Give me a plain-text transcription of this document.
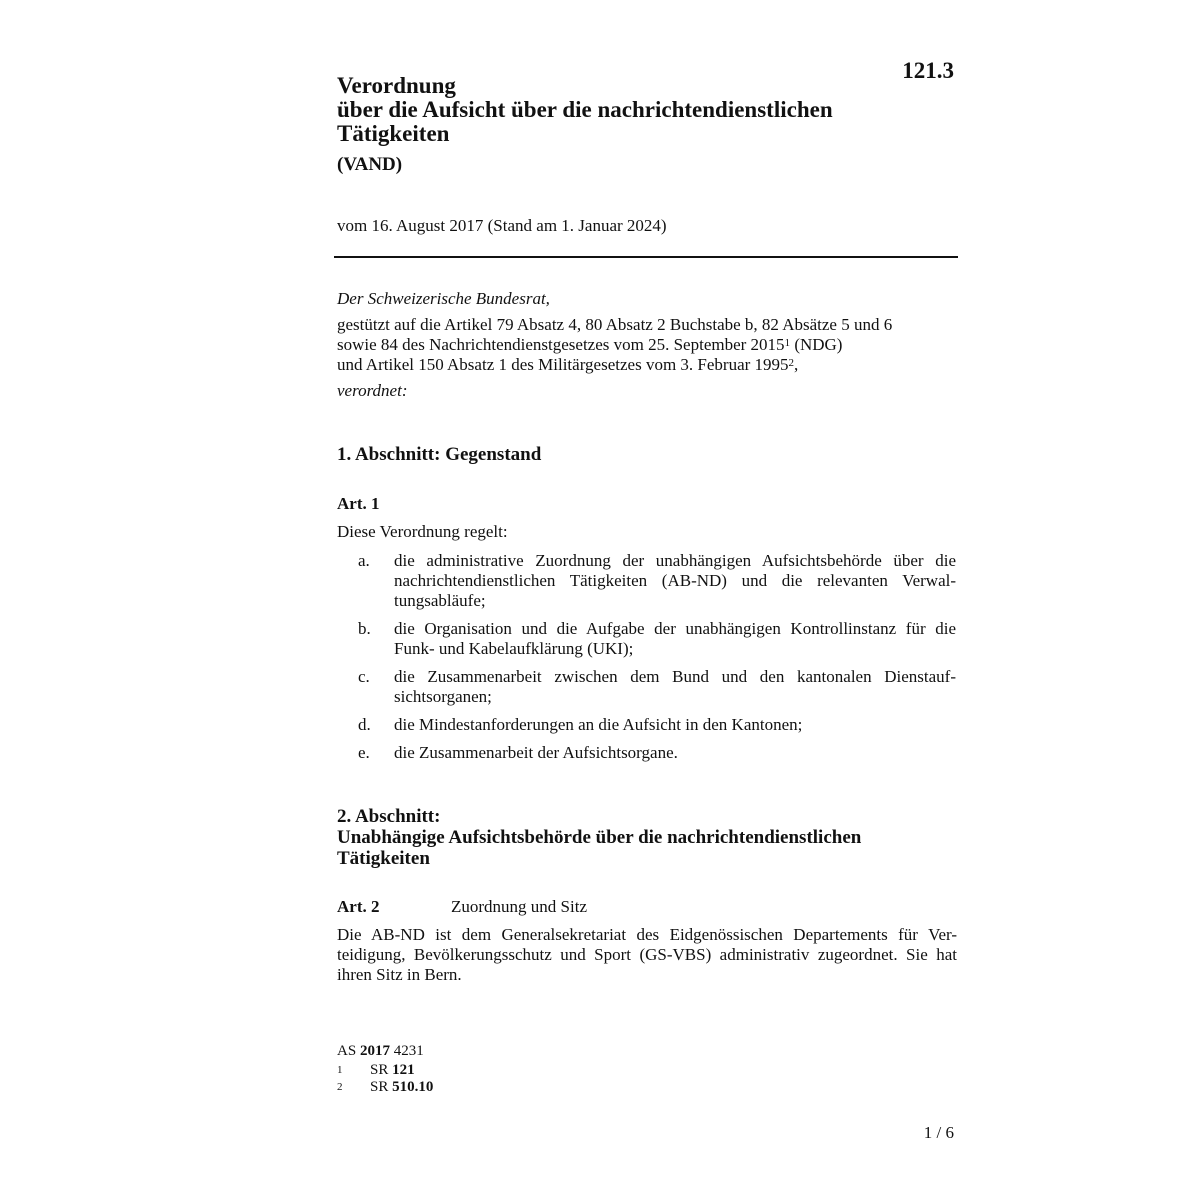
121.3
Verordnung
über die Aufsicht über die nachrichtendienstlichen
Tätigkeiten
(VAND)
vom 16. August 2017 (Stand am 1. Januar 2024)
Der Schweizerische Bundesrat,
gestützt auf die Artikel 79 Absatz 4, 80 Absatz 2 Buchstabe b, 82 Absätze 5 und 6
sowie 84 des Nachrichtendienstgesetzes vom 25. September 2015$^1$ (NDG)
und Artikel 150 Absatz 1 des Militärgesetzes vom 3. Februar 1995$^2$,
verordnet:
1. Abschnitt: Gegenstand
Art. 1
Diese Verordnung regelt:
a. die administrative Zuordnung der unabhängigen Aufsichtsbehörde über die
nachrichtendienstlichen Tätigkeiten (AB-ND) und die relevanten Verwal-
tungsabläufe;
b. die Organisation und die Aufgabe der unabhängigen Kontrollinstanz für die
Funk- und Kabelaufklärung (UKI);
c. die Zusammenarbeit zwischen dem Bund und den kantonalen Dienstauf-
sichtsorganen;
d. die Mindestanforderungen an die Aufsicht in den Kantonen;
e. die Zusammenarbeit der Aufsichtsorgane.
2. Abschnitt:
Unabhängige Aufsichtsbehörde über die nachrichtendienstlichen
Tätigkeiten
Art. 2	Zuordnung und Sitz
Die AB-ND ist dem Generalsekretariat des Eidgenössischen Departements für Ver-
teidigung, Bevölkerungsschutz und Sport (GS-VBS) administrativ zugeordnet. Sie hat
ihren Sitz in Bern.
AS 2017 4231
1 SR 121
2 SR 510.10
1 / 6
